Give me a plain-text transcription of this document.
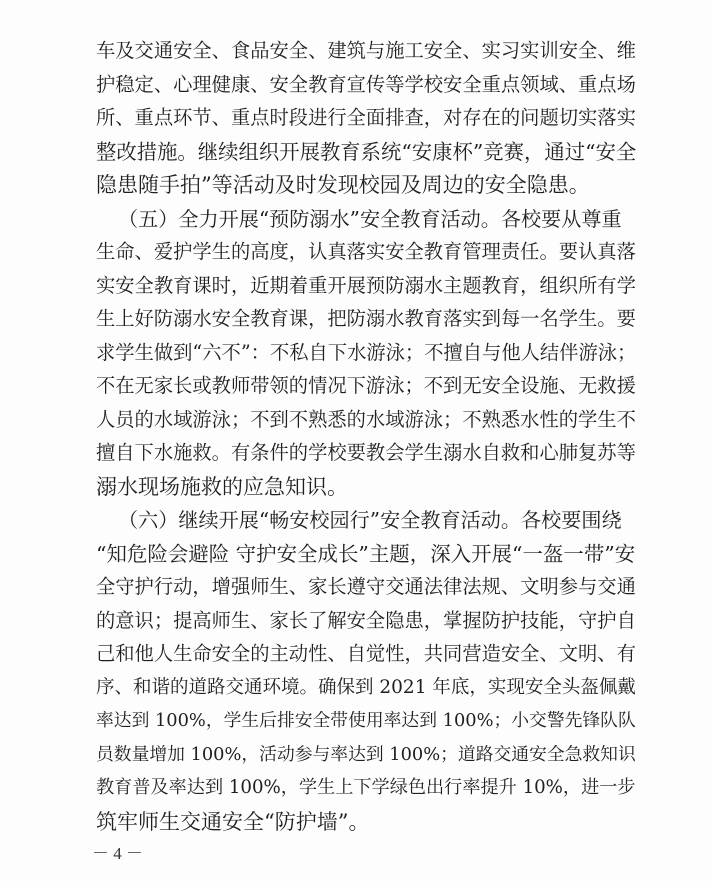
车及交通安全、食品安全、建筑与施工安全、实习实训安全、维
护稳定、心理健康、安全教育宣传等学校安全重点领域、重点场
所、重点环节、重点时段进行全面排查，对存在的问题切实落实
整改措施。继续组织开展教育系统“安康杯”竞赛，通过“安全
隐患随手拍”等活动及时发现校园及周边的安全隐患。
（五）全力开展“预防溺水”安全教育活动。各校要从尊重
生命、爱护学生的高度，认真落实安全教育管理责任。要认真落
实安全教育课时，近期着重开展预防溺水主题教育，组织所有学
生上好防溺水安全教育课，把防溺水教育落实到每一名学生。要
求学生做到“六不”：不私自下水游泳；不擅自与他人结伴游泳；
不在无家长或教师带领的情况下游泳；不到无安全设施、无救援
人员的水域游泳；不到不熟悉的水域游泳；不熟悉水性的学生不
擅自下水施救。有条件的学校要教会学生溺水自救和心肺复苏等
溺水现场施救的应急知识。
（六）继续开展“畅安校园行”安全教育活动。各校要围绕
“知危险会避险 守护安全成长”主题，深入开展“一盔一带”安
全守护行动，增强师生、家长遵守交通法律法规、文明参与交通
的意识；提高师生、家长了解安全隐患，掌握防护技能，守护自
己和他人生命安全的主动性、自觉性，共同营造安全、文明、有
序、和谐的道路交通环境。确保到 2021 年底，实现安全头盔佩戴
率达到 100%，学生后排安全带使用率达到 100%；小交警先锋队队
员数量增加 100%，活动参与率达到 100%；道路交通安全急救知识
教育普及率达到 100%，学生上下学绿色出行率提升 10%，进一步
筑牢师生交通安全“防护墙”。
－ 4 －
